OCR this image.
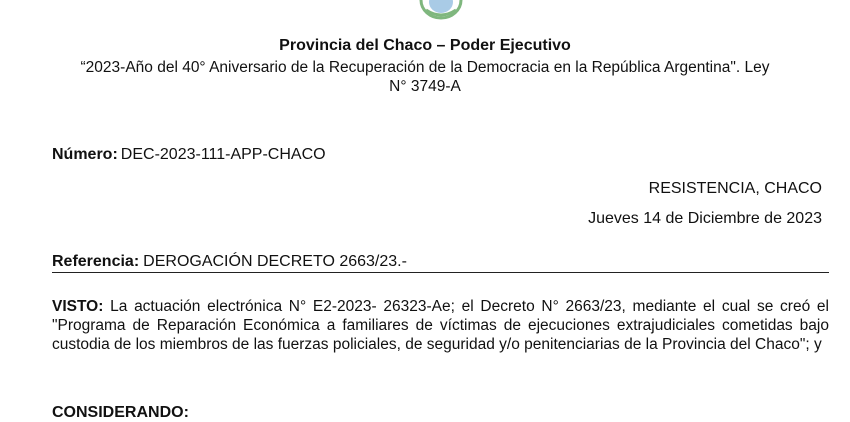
Provincia del Chaco – Poder Ejecutivo
“2023-Año del 40° Aniversario de la Recuperación de la Democracia en la República Argentina". Ley N° 3749-A
Número: DEC-2023-111-APP-CHACO
RESISTENCIA, CHACO
Jueves 14 de Diciembre de 2023
Referencia: DEROGACIÓN DECRETO 2663/23.-
VISTO: La actuación electrónica N° E2-2023- 26323-Ae; el Decreto N° 2663/23, mediante el cual se creó el "Programa de Reparación Económica a familiares de víctimas de ejecuciones extrajudiciales cometidas bajo custodia de los miembros de las fuerzas policiales, de seguridad y/o penitenciarias de la Provincia del Chaco"; y
CONSIDERANDO:
